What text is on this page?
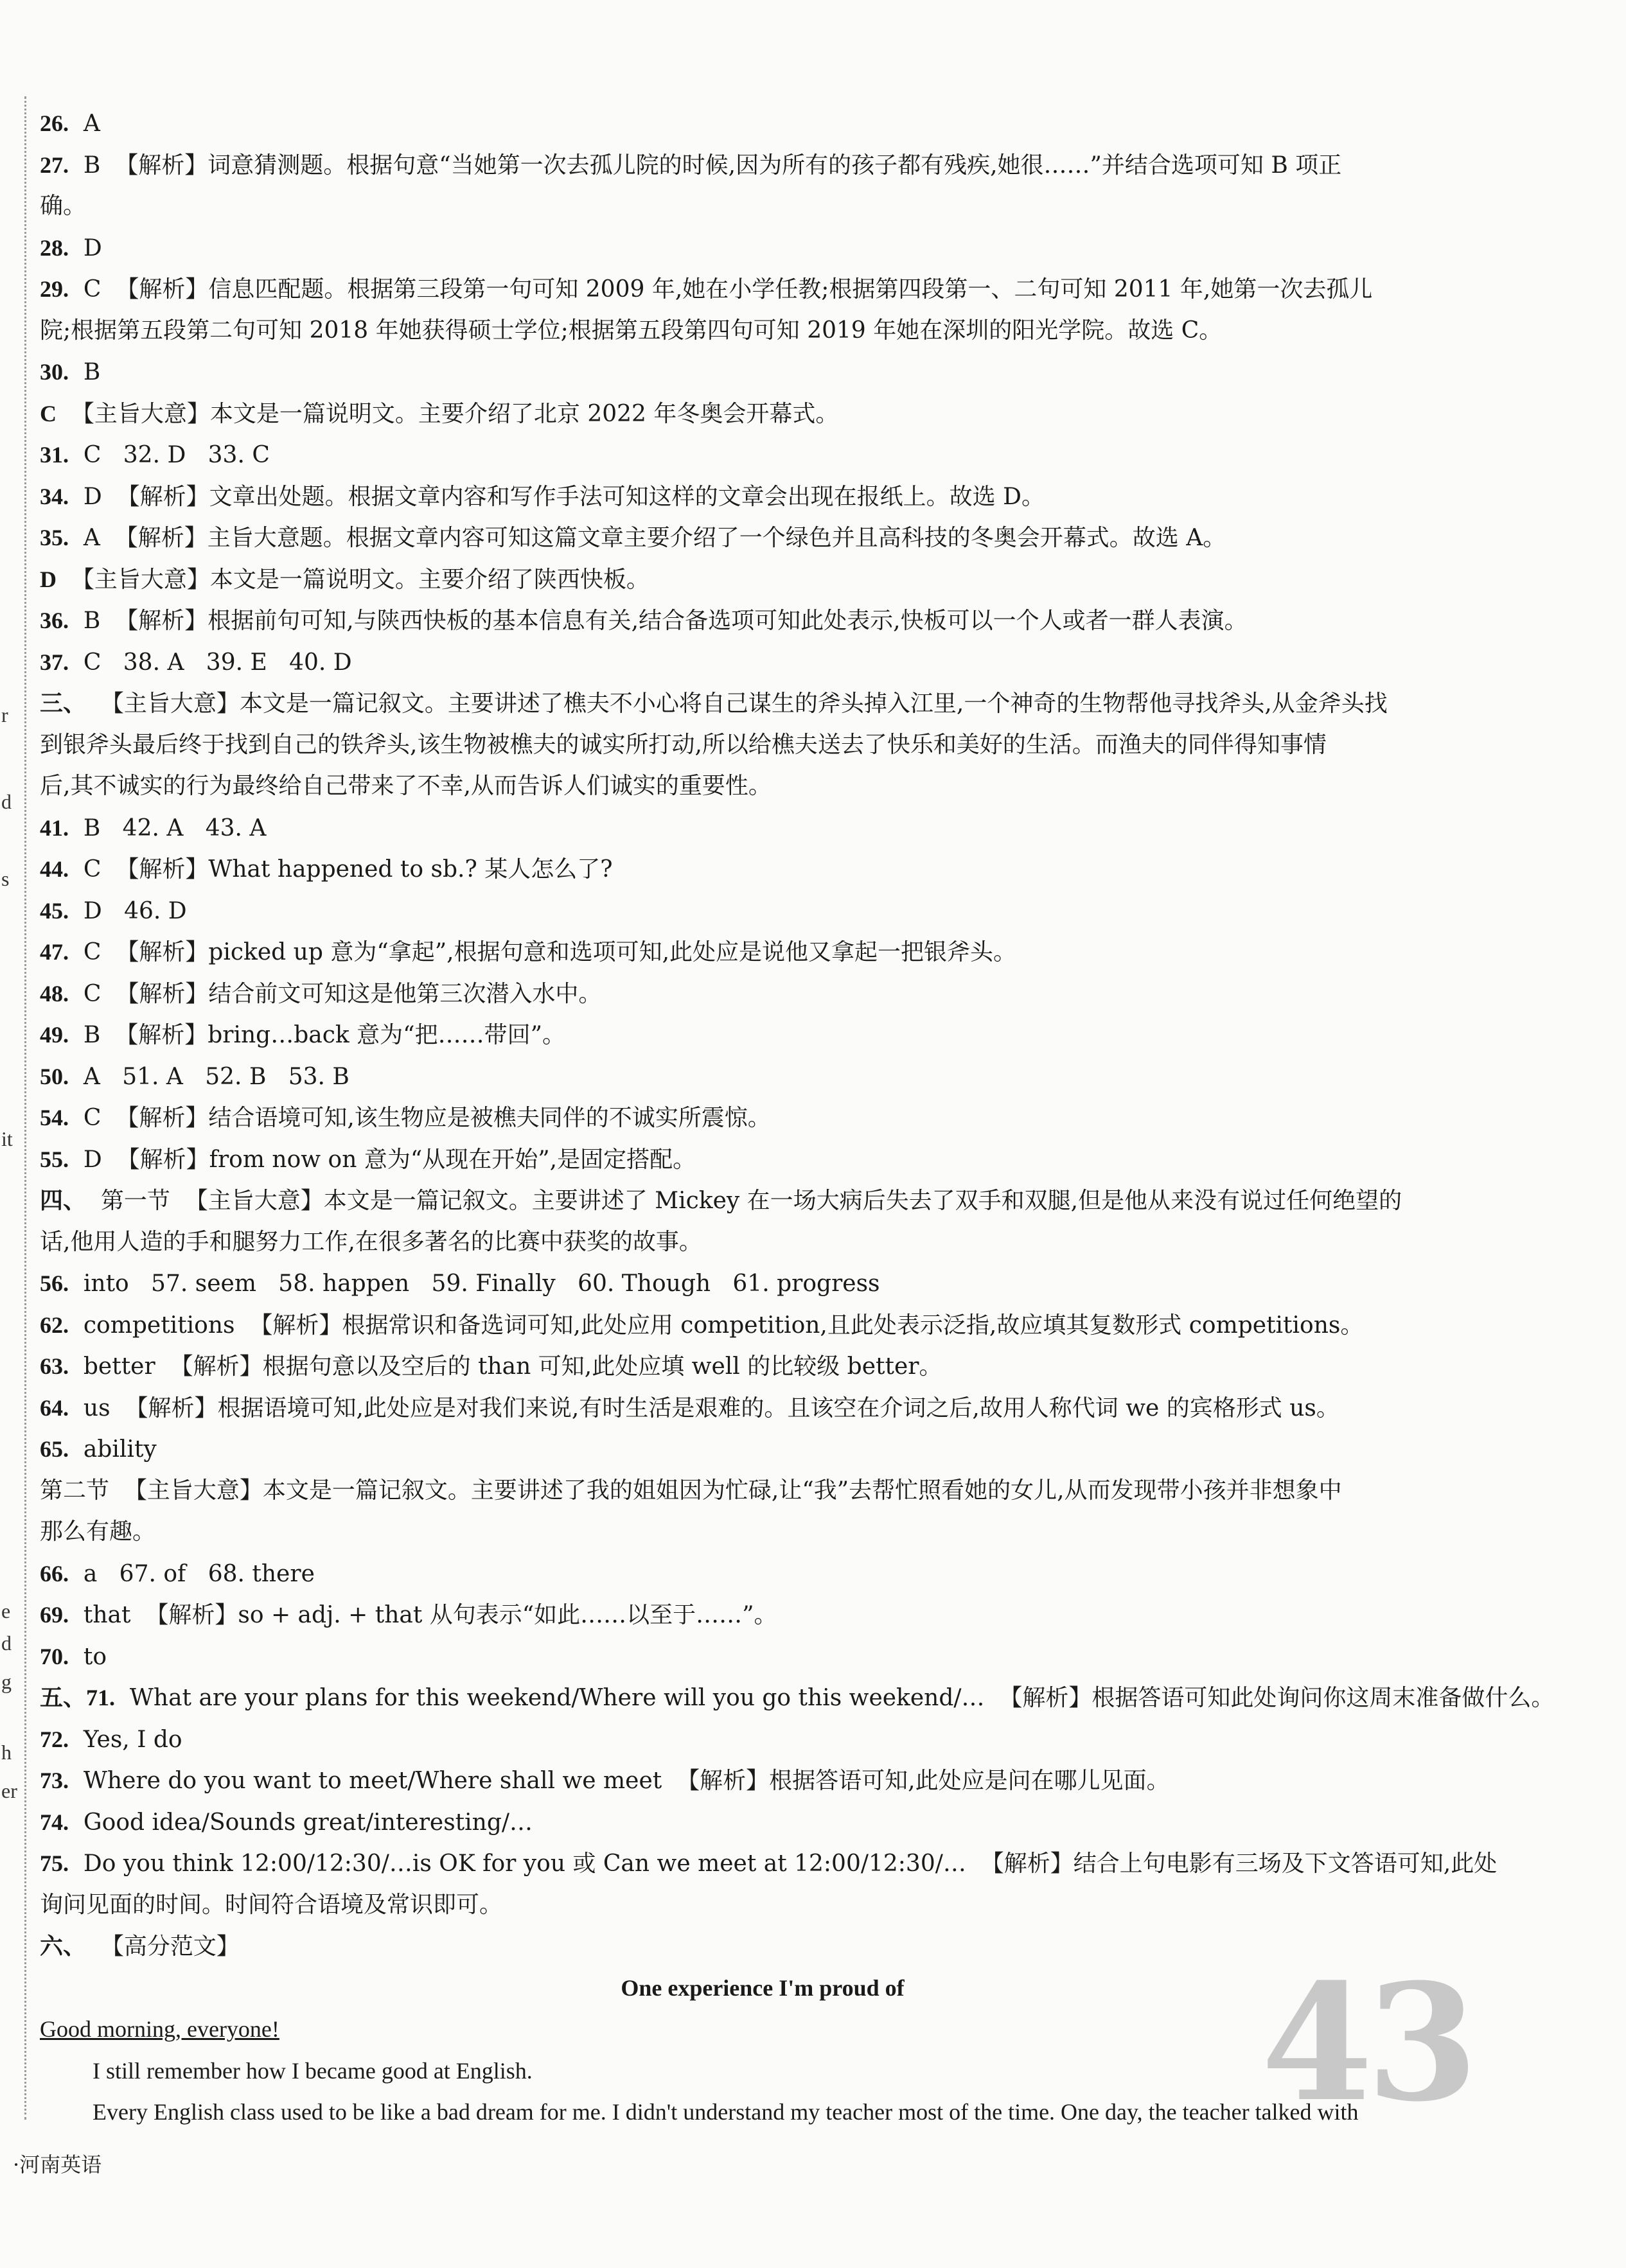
r
d
s
it
e
d
g
h
er
26. A
27. B  【解析】词意猜测题。根据句意“当她第一次去孤儿院的时候,因为所有的孩子都有残疾,她很……”并结合选项可知 B 项正
确。
28. D
29. C  【解析】信息匹配题。根据第三段第一句可知 2009 年,她在小学任教;根据第四段第一、二句可知 2011 年,她第一次去孤儿
院;根据第五段第二句可知 2018 年她获得硕士学位;根据第五段第四句可知 2019 年她在深圳的阳光学院。故选 C。
30. B
C 【主旨大意】本文是一篇说明文。主要介绍了北京 2022 年冬奥会开幕式。
31. C   32. D   33. C
34. D  【解析】文章出处题。根据文章内容和写作手法可知这样的文章会出现在报纸上。故选 D。
35. A  【解析】主旨大意题。根据文章内容可知这篇文章主要介绍了一个绿色并且高科技的冬奥会开幕式。故选 A。
D 【主旨大意】本文是一篇说明文。主要介绍了陕西快板。
36. B  【解析】根据前句可知,与陕西快板的基本信息有关,结合备选项可知此处表示,快板可以一个人或者一群人表演。
37. C   38. A   39. E   40. D
三、 【主旨大意】本文是一篇记叙文。主要讲述了樵夫不小心将自己谋生的斧头掉入江里,一个神奇的生物帮他寻找斧头,从金斧头找
到银斧头最后终于找到自己的铁斧头,该生物被樵夫的诚实所打动,所以给樵夫送去了快乐和美好的生活。而渔夫的同伴得知事情
后,其不诚实的行为最终给自己带来了不幸,从而告诉人们诚实的重要性。
41. B   42. A   43. A
44. C  【解析】What happened to sb.? 某人怎么了?
45. D   46. D
47. C  【解析】picked up 意为“拿起”,根据句意和选项可知,此处应是说他又拿起一把银斧头。
48. C  【解析】结合前文可知这是他第三次潜入水中。
49. B  【解析】bring…back 意为“把……带回”。
50. A   51. A   52. B   53. B
54. C  【解析】结合语境可知,该生物应是被樵夫同伴的不诚实所震惊。
55. D  【解析】from now on 意为“从现在开始”,是固定搭配。
四、 第一节  【主旨大意】本文是一篇记叙文。主要讲述了 Mickey 在一场大病后失去了双手和双腿,但是他从来没有说过任何绝望的
话,他用人造的手和腿努力工作,在很多著名的比赛中获奖的故事。
56. into   57. seem   58. happen   59. Finally   60. Though   61. progress
62. competitions  【解析】根据常识和备选词可知,此处应用 competition,且此处表示泛指,故应填其复数形式 competitions。
63. better  【解析】根据句意以及空后的 than 可知,此处应填 well 的比较级 better。
64. us  【解析】根据语境可知,此处应是对我们来说,有时生活是艰难的。且该空在介词之后,故用人称代词 we 的宾格形式 us。
65. ability
第二节  【主旨大意】本文是一篇记叙文。主要讲述了我的姐姐因为忙碌,让“我”去帮忙照看她的女儿,从而发现带小孩并非想象中
那么有趣。
66. a   67. of   68. there
69. that  【解析】so + adj. + that 从句表示“如此……以至于……”。
70. to
五、71. What are your plans for this weekend/Where will you go this weekend/…  【解析】根据答语可知此处询问你这周末准备做什么。
72. Yes, I do
73. Where do you want to meet/Where shall we meet  【解析】根据答语可知,此处应是问在哪儿见面。
74. Good idea/Sounds great/interesting/…
75. Do you think 12:00/12:30/…is OK for you 或 Can we meet at 12:00/12:30/…  【解析】结合上句电影有三场及下文答语可知,此处
询问见面的时间。时间符合语境及常识即可。
六、 【高分范文】
One experience I'm proud of
Good morning, everyone!
I still remember how I became good at English.
Every English class used to be like a bad dream for me. I didn't understand my teacher most of the time. One day, the teacher talked with
43
·河南英语
